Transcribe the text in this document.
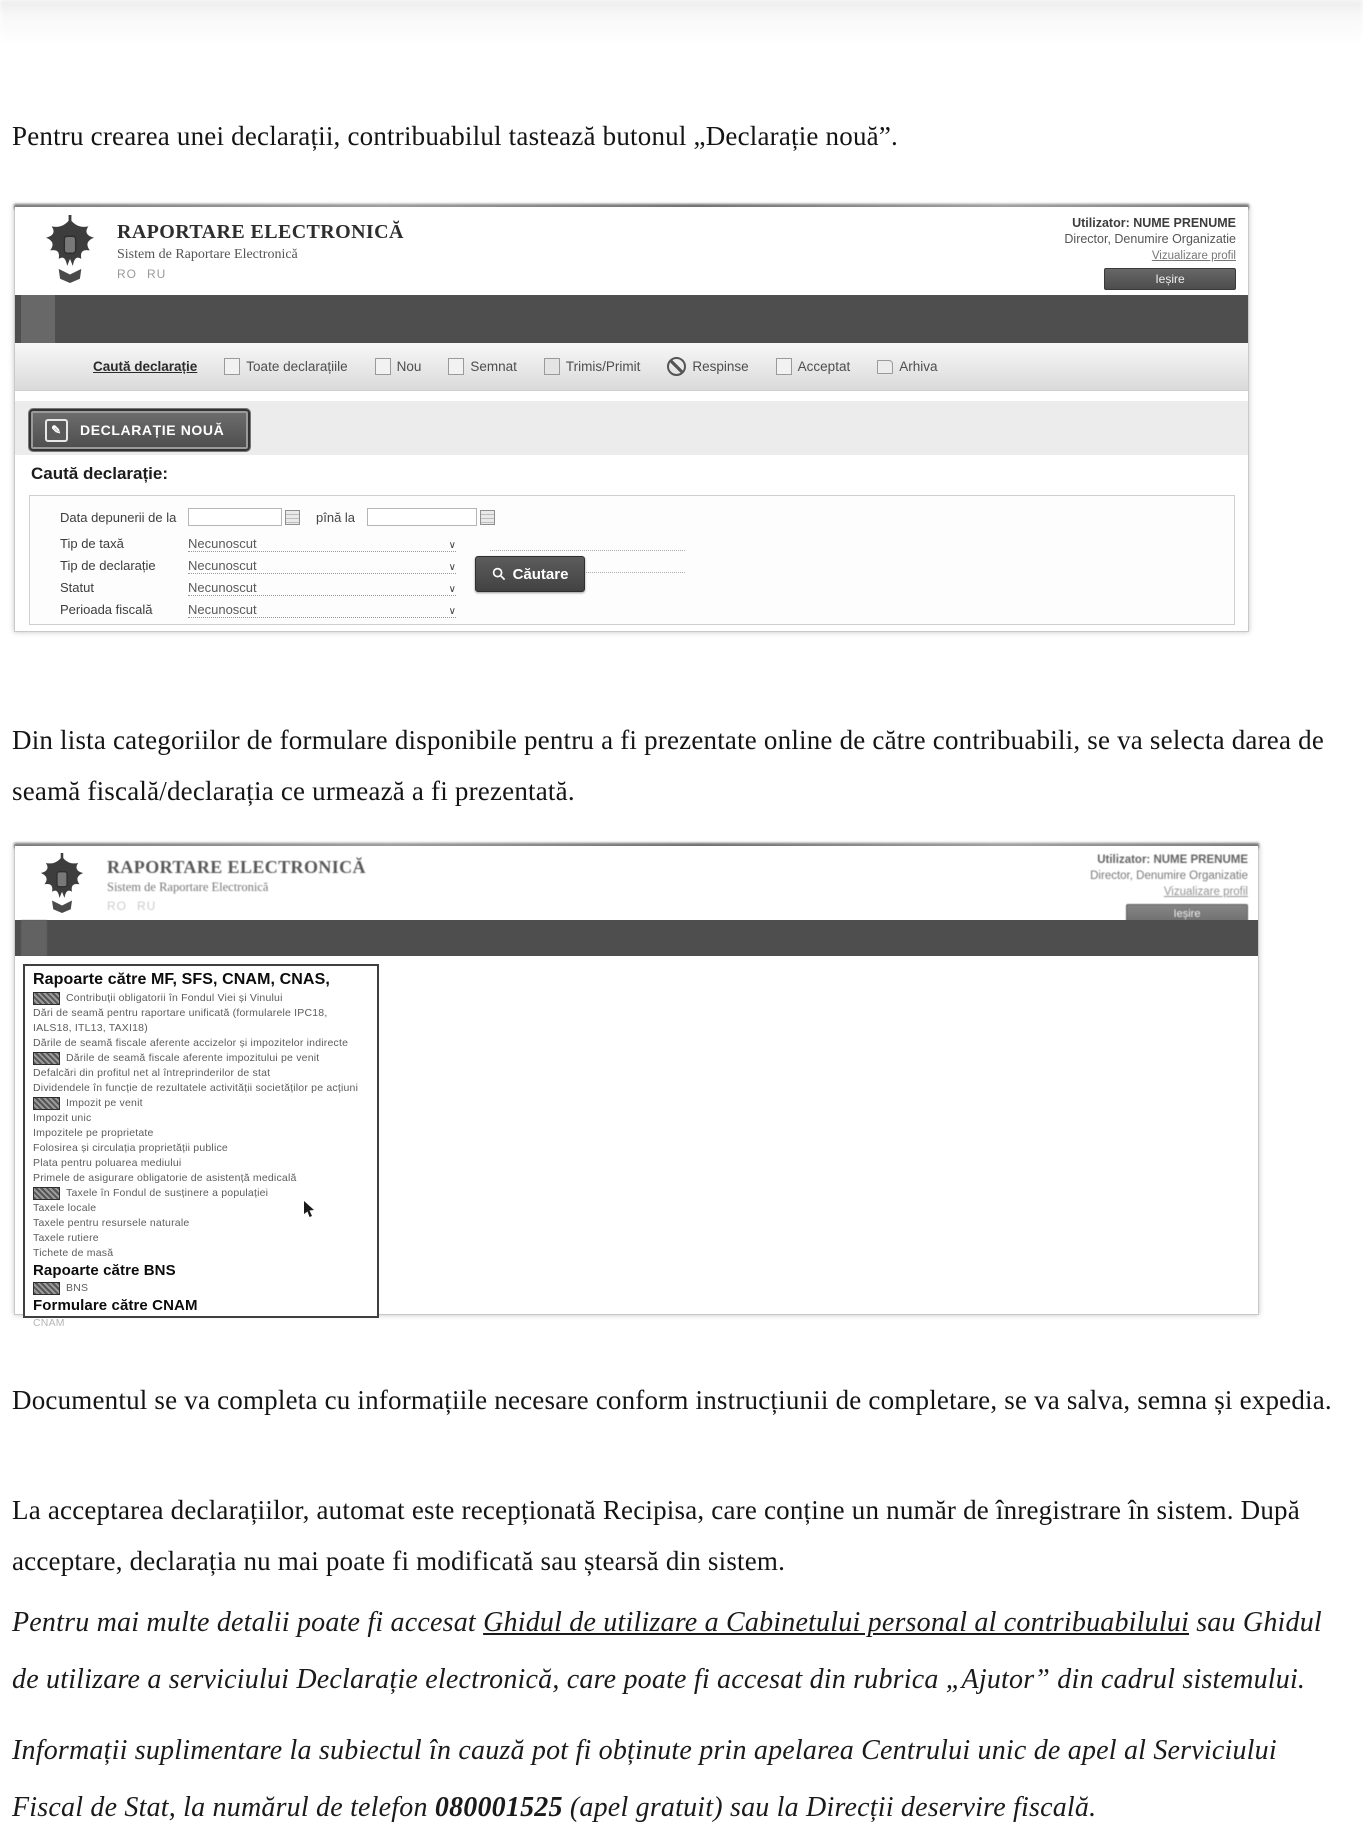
Pentru crearea unei declarații, contribuabilul tastează butonul „Declarație nouă”.

RAPORTARE ELECTRONICĂ
Sistem de Raportare Electronică
RO RU
Utilizator: NUME PRENUME
Director, Denumire Organizatie
Vizualizare profil
Ieșire
Caută declarație	Toate declarațiile	Nou	Semnat	Trimis/Primit	Respinse	Acceptat	Arhiva
✎	DECLARAȚIE NOUĂ
Caută declarație:
Data depunerii de la	pînă la
Tip de taxă	Necunoscut	∨
Tip de declarație	Necunoscut	∨
Statut	Necunoscut	∨
Perioada fiscală	Necunoscut	∨
Căutare

Din lista categoriilor de formulare disponibile pentru a fi prezentate online de către contribuabili, se va selecta darea de seamă fiscală/declarația ce urmează a fi prezentată.

RAPORTARE ELECTRONICĂ
Sistem de Raportare Electronică
RO RU
Utilizator: NUME PRENUME
Director, Denumire Organizatie
Vizualizare profil
Ieșire
Rapoarte către MF, SFS, CNAM, CNAS,
Contribuții obligatorii în Fondul Viei și Vinului
Dări de seamă pentru raportare unificată (formularele IPC18, IALS18, ITL13, TAXI18)
Dările de seamă fiscale aferente accizelor și impozitelor indirecte
Dările de seamă fiscale aferente impozitului pe venit
Defalcări din profitul net al întreprinderilor de stat
Dividendele în funcție de rezultatele activității societăților pe acțiuni
Impozit pe venit
Impozit unic
Impozitele pe proprietate
Folosirea și circulația proprietății publice
Plata pentru poluarea mediului
Primele de asigurare obligatorie de asistență medicală
Taxele în Fondul de susținere a populației
Taxele locale
Taxele pentru resursele naturale
Taxele rutiere
Tichete de masă
Rapoarte către BNS
BNS
Formulare către CNAM
CNAM

Documentul se va completa cu informațiile necesare conform instrucțiunii de completare, se va salva, semna și expedia.

La acceptarea declarațiilor, automat este recepționată Recipisa, care conține un număr de înregistrare în sistem. După acceptare, declarația nu mai poate fi modificată sau ștearsă din sistem.

Pentru mai multe detalii poate fi accesat Ghidul de utilizare a Cabinetului personal al contribuabilului sau Ghidul de utilizare a serviciului Declarație electronică, care poate fi accesat din rubrica „Ajutor” din cadrul sistemului.

Informații suplimentare la subiectul în cauză pot fi obținute prin apelarea Centrului unic de apel al Serviciului Fiscal de Stat, la numărul de telefon 080001525 (apel gratuit) sau la Direcții deservire fiscală.
